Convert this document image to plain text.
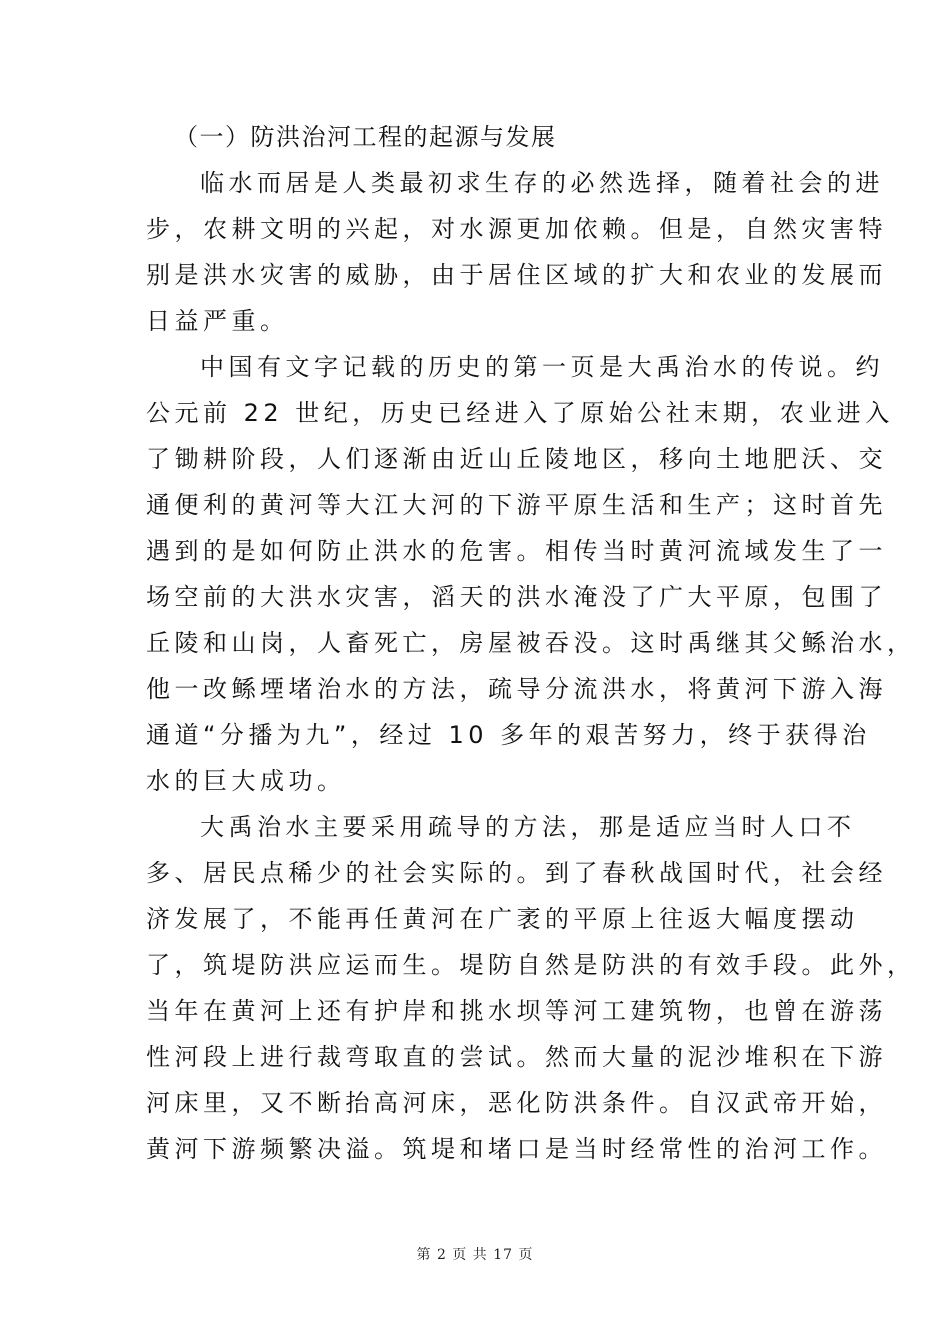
（一）防洪治河工程的起源与发展
临水而居是人类最初求生存的必然选择，随着社会的进
步，农耕文明的兴起，对水源更加依赖。但是，自然灾害特
别是洪水灾害的威胁，由于居住区域的扩大和农业的发展而
日益严重。
中国有文字记载的历史的第一页是大禹治水的传说。约
公元前 22 世纪，历史已经进入了原始公社末期，农业进入
了锄耕阶段，人们逐渐由近山丘陵地区，移向土地肥沃、交
通便利的黄河等大江大河的下游平原生活和生产；这时首先
遇到的是如何防止洪水的危害。相传当时黄河流域发生了一
场空前的大洪水灾害，滔天的洪水淹没了广大平原，包围了
丘陵和山岗，人畜死亡，房屋被吞没。这时禹继其父鲧治水，
他一改鲧堙堵治水的方法，疏导分流洪水，将黄河下游入海
通道“分播为九”，经过 10 多年的艰苦努力，终于获得治
水的巨大成功。
大禹治水主要采用疏导的方法，那是适应当时人口不
多、居民点稀少的社会实际的。到了春秋战国时代，社会经
济发展了，不能再任黄河在广袤的平原上往返大幅度摆动
了，筑堤防洪应运而生。堤防自然是防洪的有效手段。此外，
当年在黄河上还有护岸和挑水坝等河工建筑物，也曾在游荡
性河段上进行裁弯取直的尝试。然而大量的泥沙堆积在下游
河床里，又不断抬高河床，恶化防洪条件。自汉武帝开始，
黄河下游频繁决溢。筑堤和堵口是当时经常性的治河工作。
第 2 页 共 17 页
